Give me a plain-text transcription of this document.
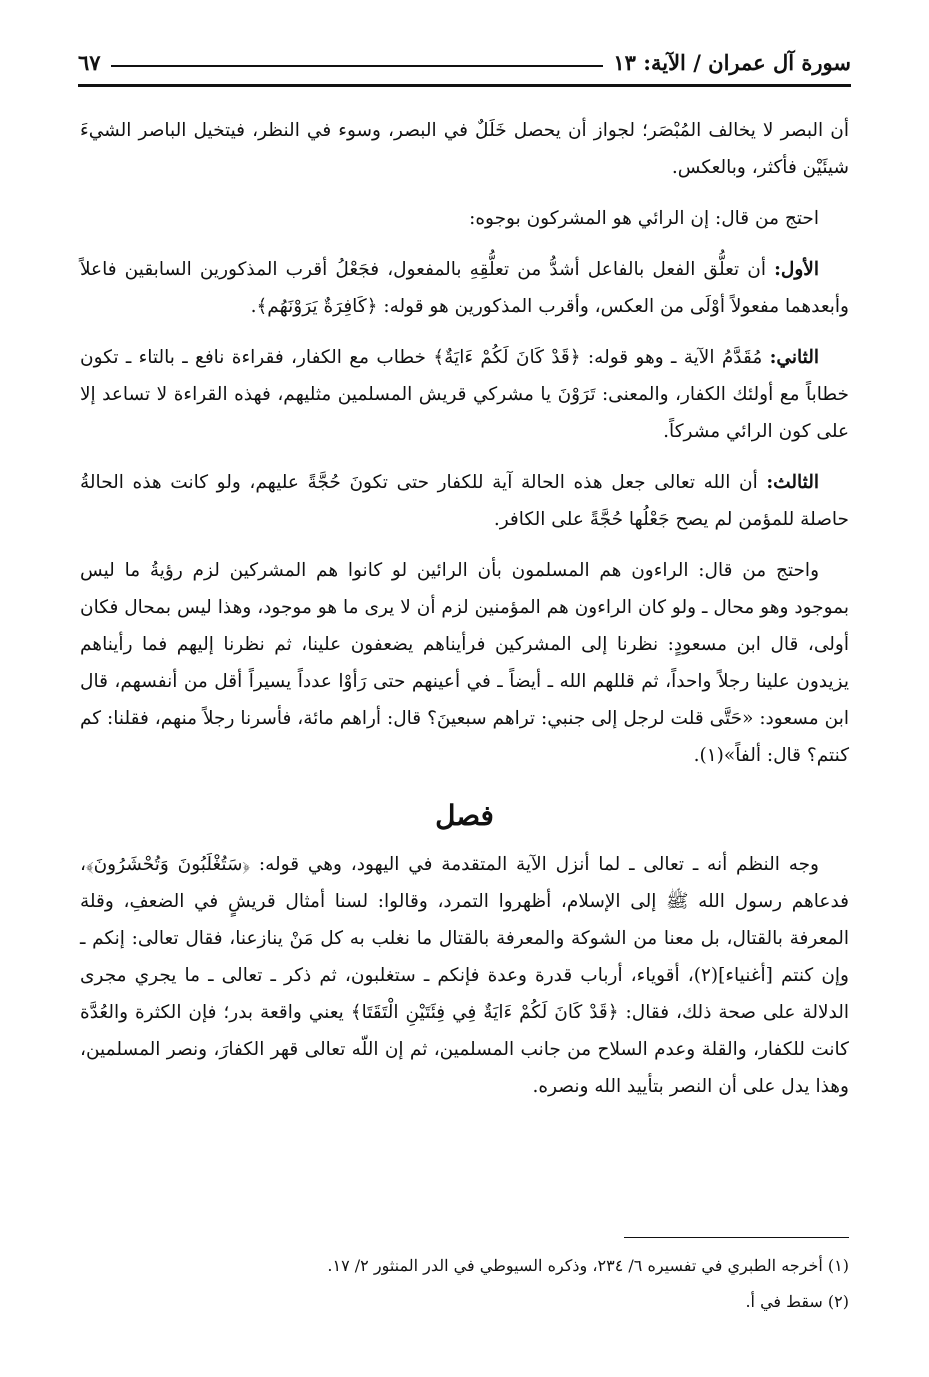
سورة آل عمران / الآية: ١٣
٦٧

أن البصر لا يخالف المُبْصَر؛ لجواز أن يحصل خَلَلٌ في البصر، وسوء في النظر، فيتخيل الباصر الشيءَ شيئَيْن فأكثر، وبالعكس.

احتج من قال: إن الرائي هو المشركون بوجوه:

الأول: أن تعلُّق الفعل بالفاعل أشدُّ من تعلُّقِهِ بالمفعول، فجَعْلُ أقرب المذكورين السابقين فاعلاً وأبعدهما مفعولاً أوْلَى من العكس، وأقرب المذكورين هو قوله: ﴿كَافِرَةٌ يَرَوْنَهُم﴾.

الثاني: مُقَدَّمُ الآية ـ وهو قوله: ﴿قَدْ كَانَ لَكُمْ ءَايَةٌ﴾ خطاب مع الكفار، فقراءة نافع ـ بالتاء ـ تكون خطاباً مع أولئك الكفار، والمعنى: تَرَوْنَ يا مشركي قريش المسلمين مثليهم، فهذه القراءة لا تساعد إلا على كون الرائي مشركاً.

الثالث: أن الله تعالى جعل هذه الحالة آية للكفار حتى تكونَ حُجَّةً عليهم، ولو كانت هذه الحالةُ حاصلة للمؤمن لم يصح جَعْلُها حُجَّةً على الكافر.

واحتج من قال: الراءون هم المسلمون بأن الرائين لو كانوا هم المشركين لزم رؤيةُ ما ليس بموجود وهو محال ـ ولو كان الراءون هم المؤمنين لزم أن لا يرى ما هو موجود، وهذا ليس بمحال فكان أولى، قال ابن مسعودٍ: نظرنا إلى المشركين فرأيناهم يضعفون علينا، ثم نظرنا إليهم فما رأيناهم يزيدون علينا رجلاً واحداً، ثم قللهم الله ـ أيضاً ـ في أعينهم حتى رَأوْا عدداً يسيراً أقل من أنفسهم، قال ابن مسعود: «حَتَّى قلت لرجل إلى جنبي: تراهم سبعينَ؟ قال: أراهم مائة، فأسرنا رجلاً منهم، فقلنا: كم كنتم؟ قال: ألفاً»(١).

فصل

وجه النظم أنه ـ تعالى ـ لما أنزل الآية المتقدمة في اليهود، وهي قوله: ﴿سَتُغْلَبُونَ وَتُحْشَرُونَ﴾، فدعاهم رسول الله ﷺ إلى الإسلام، أظهروا التمرد، وقالوا: لسنا أمثال قريشٍ في الضعفِ، وقلة المعرفة بالقتال، بل معنا من الشوكة والمعرفة بالقتال ما نغلب به كل مَنْ ينازعنا، فقال تعالى: إنكم ـ وإن كنتم [أغنياء](٢)، أقوياء، أرباب قدرة وعدة فإنكم ـ ستغلبون، ثم ذكر ـ تعالى ـ ما يجري مجرى الدلالة على صحة ذلك، فقال: ﴿قَدْ كَانَ لَكُمْ ءَايَةٌ فِي فِئَتَيْنِ الْتَقَتَا﴾ يعني واقعة بدر؛ فإن الكثرة والعُدَّة كانت للكفار، والقلة وعدم السلاح من جانب المسلمين، ثم إن اللّه تعالى قهر الكفارَ، ونصر المسلمين، وهذا يدل على أن النصر بتأييد الله ونصره.

(١) أخرجه الطبري في تفسيره ٦/ ٢٣٤، وذكره السيوطي في الدر المنثور ٢/ ١٧.
(٢) سقط في أ.
